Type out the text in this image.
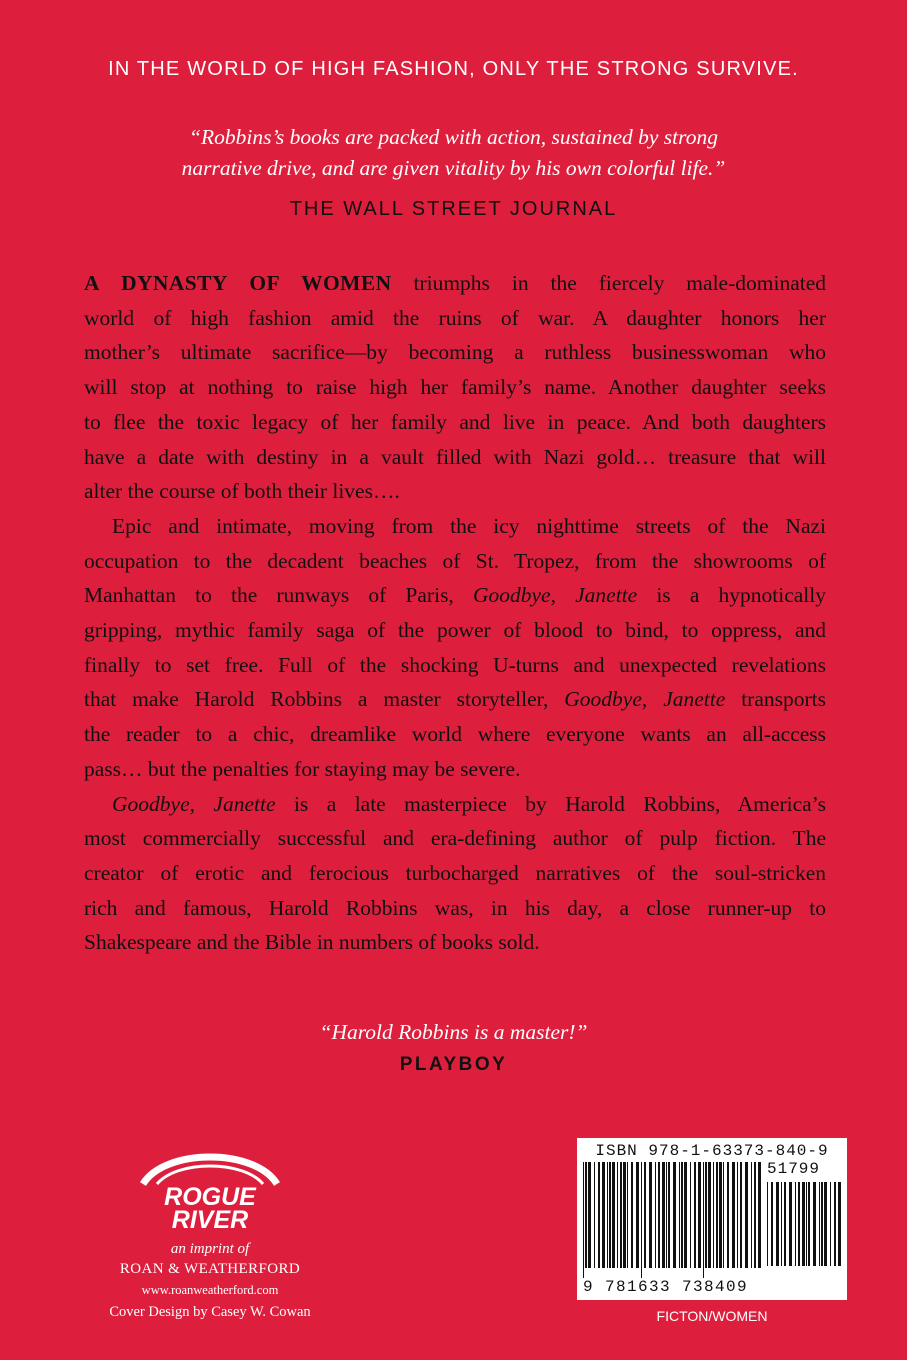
IN THE WORLD OF HIGH FASHION, ONLY THE STRONG SURVIVE.
“Robbins’s books are packed with action, sustained by strong
narrative drive, and are given vitality by his own colorful life.”
THE WALL STREET JOURNAL
A DYNASTY OF WOMEN triumphs in the fiercely male-dominated
world of high fashion amid the ruins of war. A daughter honors her
mother’s ultimate sacrifice—by becoming a ruthless businesswoman who
will stop at nothing to raise high her family’s name. Another daughter seeks
to flee the toxic legacy of her family and live in peace. And both daughters
have a date with destiny in a vault filled with Nazi gold… treasure that will
alter the course of both their lives….
Epic and intimate, moving from the icy nighttime streets of the Nazi
occupation to the decadent beaches of St. Tropez, from the showrooms of
Manhattan to the runways of Paris, Goodbye, Janette is a hypnotically
gripping, mythic family saga of the power of blood to bind, to oppress, and
finally to set free. Full of the shocking U-turns and unexpected revelations
that make Harold Robbins a master storyteller, Goodbye, Janette transports
the reader to a chic, dreamlike world where everyone wants an all-access
pass… but the penalties for staying may be severe.
Goodbye, Janette is a late masterpiece by Harold Robbins, America’s
most commercially successful and era-defining author of pulp fiction. The
creator of erotic and ferocious turbocharged narratives of the soul-stricken
rich and famous, Harold Robbins was, in his day, a close runner-up to
Shakespeare and the Bible in numbers of books sold.
“Harold Robbins is a master!”
PLAYBOY
ROGUE
RIVER
an imprint of
ROAN & WEATHERFORD
www.roanweatherford.com
Cover Design by Casey W. Cowan
ISBN 978-1-63373-840-9
51799
9 781633 738409
FICTON/WOMEN
